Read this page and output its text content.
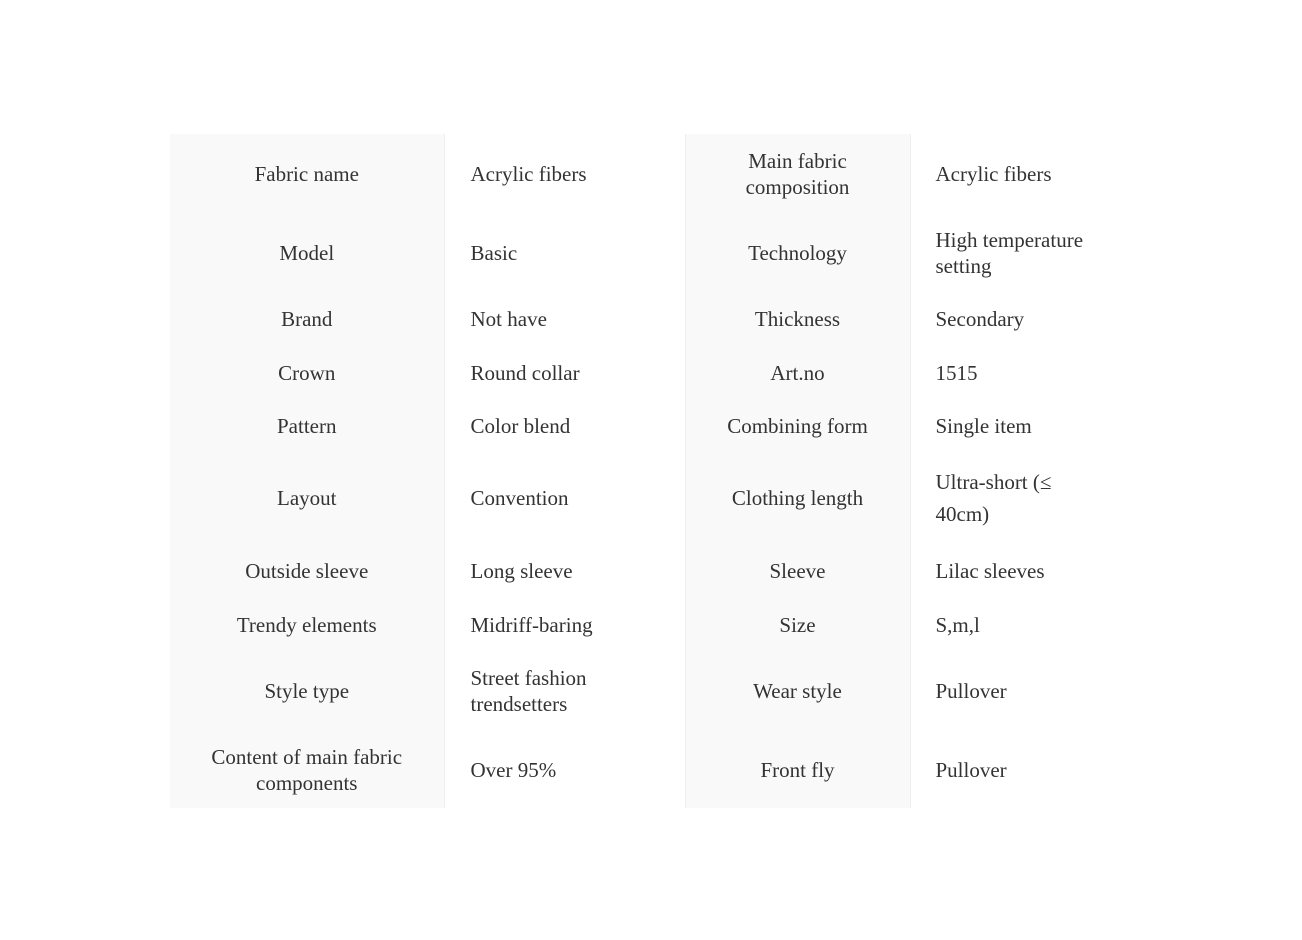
Fabric name	Acrylic fibers	Main fabric composition	Acrylic fibers
Model	Basic	Technology	High temperature setting

Brand	Not have	Thickness	Secondary
Crown	Round collar	Art.no	1515
Pattern	Color blend	Combining form	Single item
Layout	Convention	Clothing length	Ultra-short (≤ 40cm)

Outside sleeve	Long sleeve	Sleeve	Lilac sleeves
Trendy elements	Midriff-baring	Size	S,m,l
Style type	Street fashion trendsetters	Wear style	Pullover

Content of main fabric components	Over 95%	Front fly	Pullover
